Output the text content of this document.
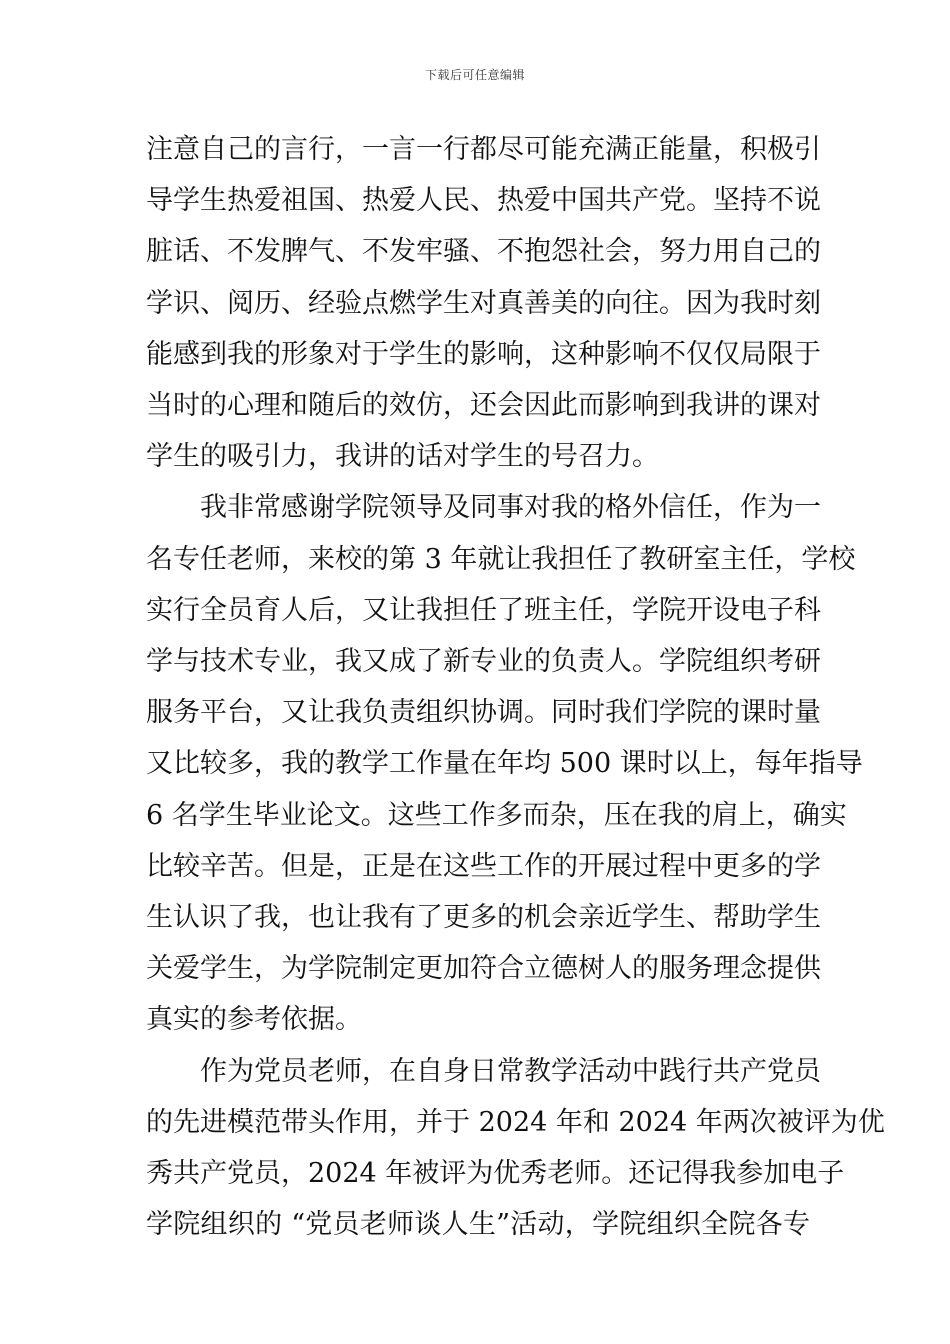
下载后可任意编辑
注意自己的言行，一言一行都尽可能充满正能量，积极引
导学生热爱祖国、热爱人民、热爱中国共产党。坚持不说
脏话、不发脾气、不发牢骚、不抱怨社会，努力用自己的
学识、阅历、经验点燃学生对真善美的向往。因为我时刻
能感到我的形象对于学生的影响，这种影响不仅仅局限于
当时的心理和随后的效仿，还会因此而影响到我讲的课对
学生的吸引力，我讲的话对学生的号召力。
我非常感谢学院领导及同事对我的格外信任，作为一
名专任老师，来校的第 3 年就让我担任了教研室主任，学校
实行全员育人后，又让我担任了班主任，学院开设电子科
学与技术专业，我又成了新专业的负责人。学院组织考研
服务平台，又让我负责组织协调。同时我们学院的课时量
又比较多，我的教学工作量在年均 500 课时以上，每年指导
6 名学生毕业论文。这些工作多而杂，压在我的肩上，确实
比较辛苦。但是，正是在这些工作的开展过程中更多的学
生认识了我，也让我有了更多的机会亲近学生、帮助学生
关爱学生，为学院制定更加符合立德树人的服务理念提供
真实的参考依据。
作为党员老师，在自身日常教学活动中践行共产党员
的先进模范带头作用，并于 2024 年和 2024 年两次被评为优
秀共产党员，2024 年被评为优秀老师。还记得我参加电子
学院组织的 “党员老师谈人生”活动，学院组织全院各专
